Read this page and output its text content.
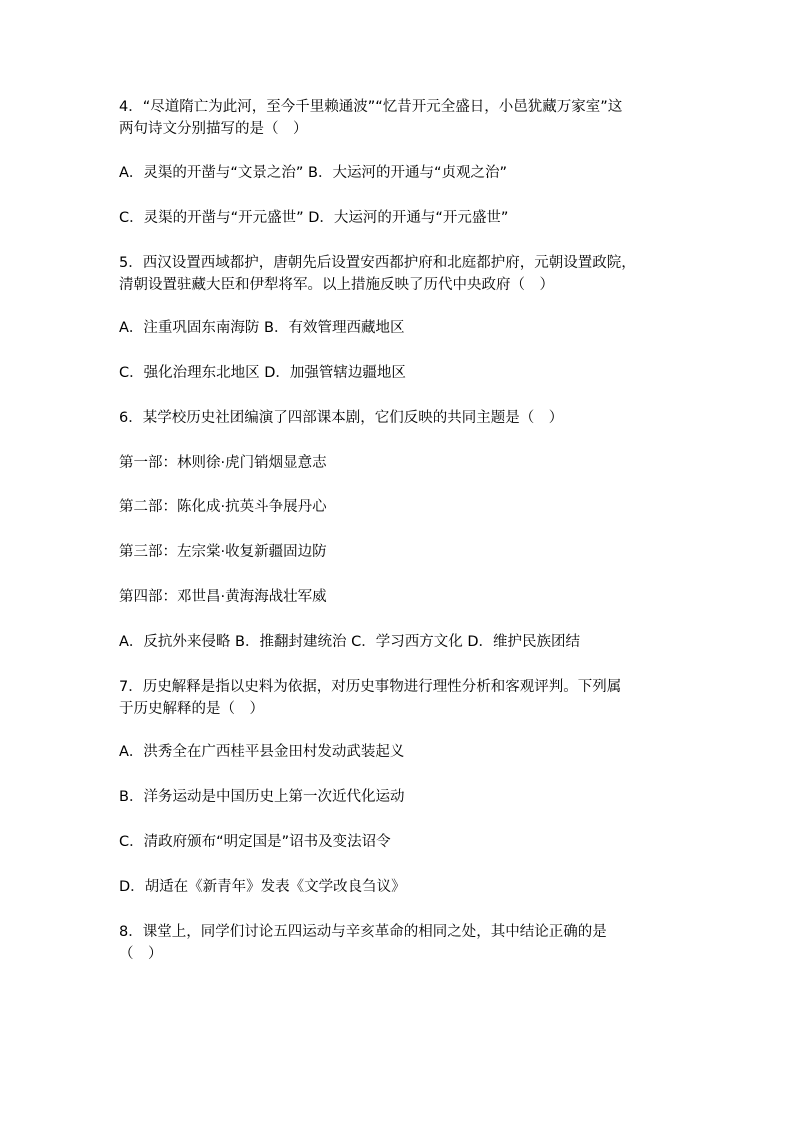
4．“尽道隋亡为此河，至今千里赖通波”“忆昔开元全盛日，小邑犹藏万家室”这
两句诗文分别描写的是（　）
A．灵渠的开凿与“文景之治” B．大运河的开通与“贞观之治”
C．灵渠的开凿与“开元盛世” D．大运河的开通与“开元盛世”
5．西汉设置西域都护，唐朝先后设置安西都护府和北庭都护府，元朝设置政院，
清朝设置驻藏大臣和伊犁将军。以上措施反映了历代中央政府（　）
A．注重巩固东南海防 B．有效管理西藏地区
C．强化治理东北地区 D．加强管辖边疆地区
6．某学校历史社团编演了四部课本剧，它们反映的共同主题是（　）
第一部：林则徐·虎门销烟显意志
第二部：陈化成·抗英斗争展丹心
第三部：左宗棠·收复新疆固边防
第四部：邓世昌·黄海海战壮军威
A．反抗外来侵略 B．推翻封建统治 C．学习西方文化 D．维护民族团结
7．历史解释是指以史料为依据，对历史事物进行理性分析和客观评判。下列属
于历史解释的是（　）
A．洪秀全在广西桂平县金田村发动武装起义
B．洋务运动是中国历史上第一次近代化运动
C．清政府颁布“明定国是”诏书及变法诏令
D．胡适在《新青年》发表《文学改良刍议》
8．课堂上，同学们讨论五四运动与辛亥革命的相同之处，其中结论正确的是
（　）
